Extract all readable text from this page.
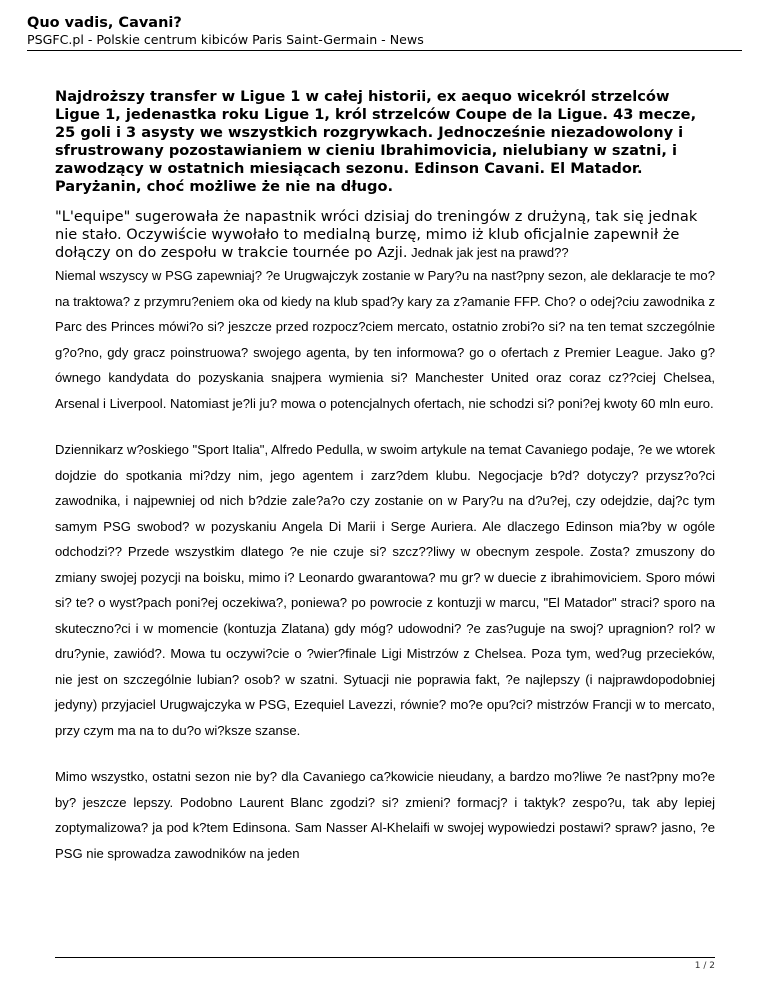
Quo vadis, Cavani?

PSGFC.pl - Polskie centrum kibiców Paris Saint-Germain - News

Najdroższy transfer w Ligue 1 w całej historii, ex aequo wicekról strzelców Ligue 1, jedenastka roku Ligue 1, król strzelców Coupe de la Ligue. 43 mecze, 25 goli i 3 asysty we wszystkich rozgrywkach. Jednocześnie niezadowolony i sfrustrowany pozostawianiem w cieniu Ibrahimovicia, nielubiany w szatni, i zawodzący w ostatnich miesiącach sezonu. Edinson Cavani. El Matador. Paryżanin, choć możliwe że nie na długo.

"L'equipe" sugerowała że napastnik wróci dzisiaj do treningów z drużyną, tak się jednak nie stało. Oczywiście wywołało to medialną burzę, mimo iż klub oficjalnie zapewnił że dołączy on do zespołu w trakcie tournée po Azji. Jednak jak jest na prawd??

Niemal wszyscy w PSG zapewniaj? ?e Urugwajczyk zostanie w Pary?u na nast?pny sezon, ale deklaracje te mo?na traktowa? z przymru?eniem oka od kiedy na klub spad?y kary za z?amanie FFP. Cho? o odej?ciu zawodnika z Parc des Princes mówi?o si? jeszcze przed rozpocz?ciem mercato, ostatnio zrobi?o si? na ten temat szczególnie g?o?no, gdy gracz poinstruowa? swojego agenta, by ten informowa? go o ofertach z Premier League. Jako g?ównego kandydata do pozyskania snajpera wymienia si? Manchester United oraz coraz cz??ciej Chelsea, Arsenal i Liverpool. Natomiast je?li ju? mowa o potencjalnych ofertach, nie schodzi si? poni?ej kwoty 60 mln euro.

Dziennikarz w?oskiego "Sport Italia", Alfredo Pedulla, w swoim artykule na temat Cavaniego podaje, ?e we wtorek dojdzie do spotkania mi?dzy nim, jego agentem i zarz?dem klubu. Negocjacje b?d? dotyczy? przysz?o?ci zawodnika, i najpewniej od nich b?dzie zale?a?o czy zostanie on w Pary?u na d?u?ej, czy odejdzie, daj?c tym samym PSG swobod? w pozyskaniu Angela Di Marii i Serge Auriera. Ale dlaczego Edinson mia?by w ogóle odchodzi?? Przede wszystkim dlatego ?e nie czuje si? szcz??liwy w obecnym zespole. Zosta? zmuszony do zmiany swojej pozycji na boisku, mimo i? Leonardo gwarantowa? mu gr? w duecie z ibrahimoviciem. Sporo mówi si? te? o wyst?pach poni?ej oczekiwa?, poniewa? po powrocie z kontuzji w marcu, "El Matador" straci? sporo na skuteczno?ci i w momencie (kontuzja Zlatana) gdy móg? udowodni? ?e zas?uguje na swoj? upragnion? rol? w dru?ynie, zawiód?. Mowa tu oczywi?cie o ?wier?finale Ligi Mistrzów z Chelsea. Poza tym, wed?ug przecieków, nie jest on szczególnie lubian? osob? w szatni. Sytuacji nie poprawia fakt, ?e najlepszy (i najprawdopodobniej jedyny) przyjaciel Urugwajczyka w PSG, Ezequiel Lavezzi, równie? mo?e opu?ci? mistrzów Francji w to mercato, przy czym ma na to du?o wi?ksze szanse.

Mimo wszystko, ostatni sezon nie by? dla Cavaniego ca?kowicie nieudany, a bardzo mo?liwe ?e nast?pny mo?e by? jeszcze lepszy. Podobno Laurent Blanc zgodzi? si? zmieni? formacj? i taktyk? zespo?u, tak aby lepiej zoptymalizowa? ja pod k?tem Edinsona. Sam Nasser Al-Khelaifi w swojej wypowiedzi postawi? spraw? jasno, ?e PSG nie sprowadza zawodników na jeden

1 / 2
